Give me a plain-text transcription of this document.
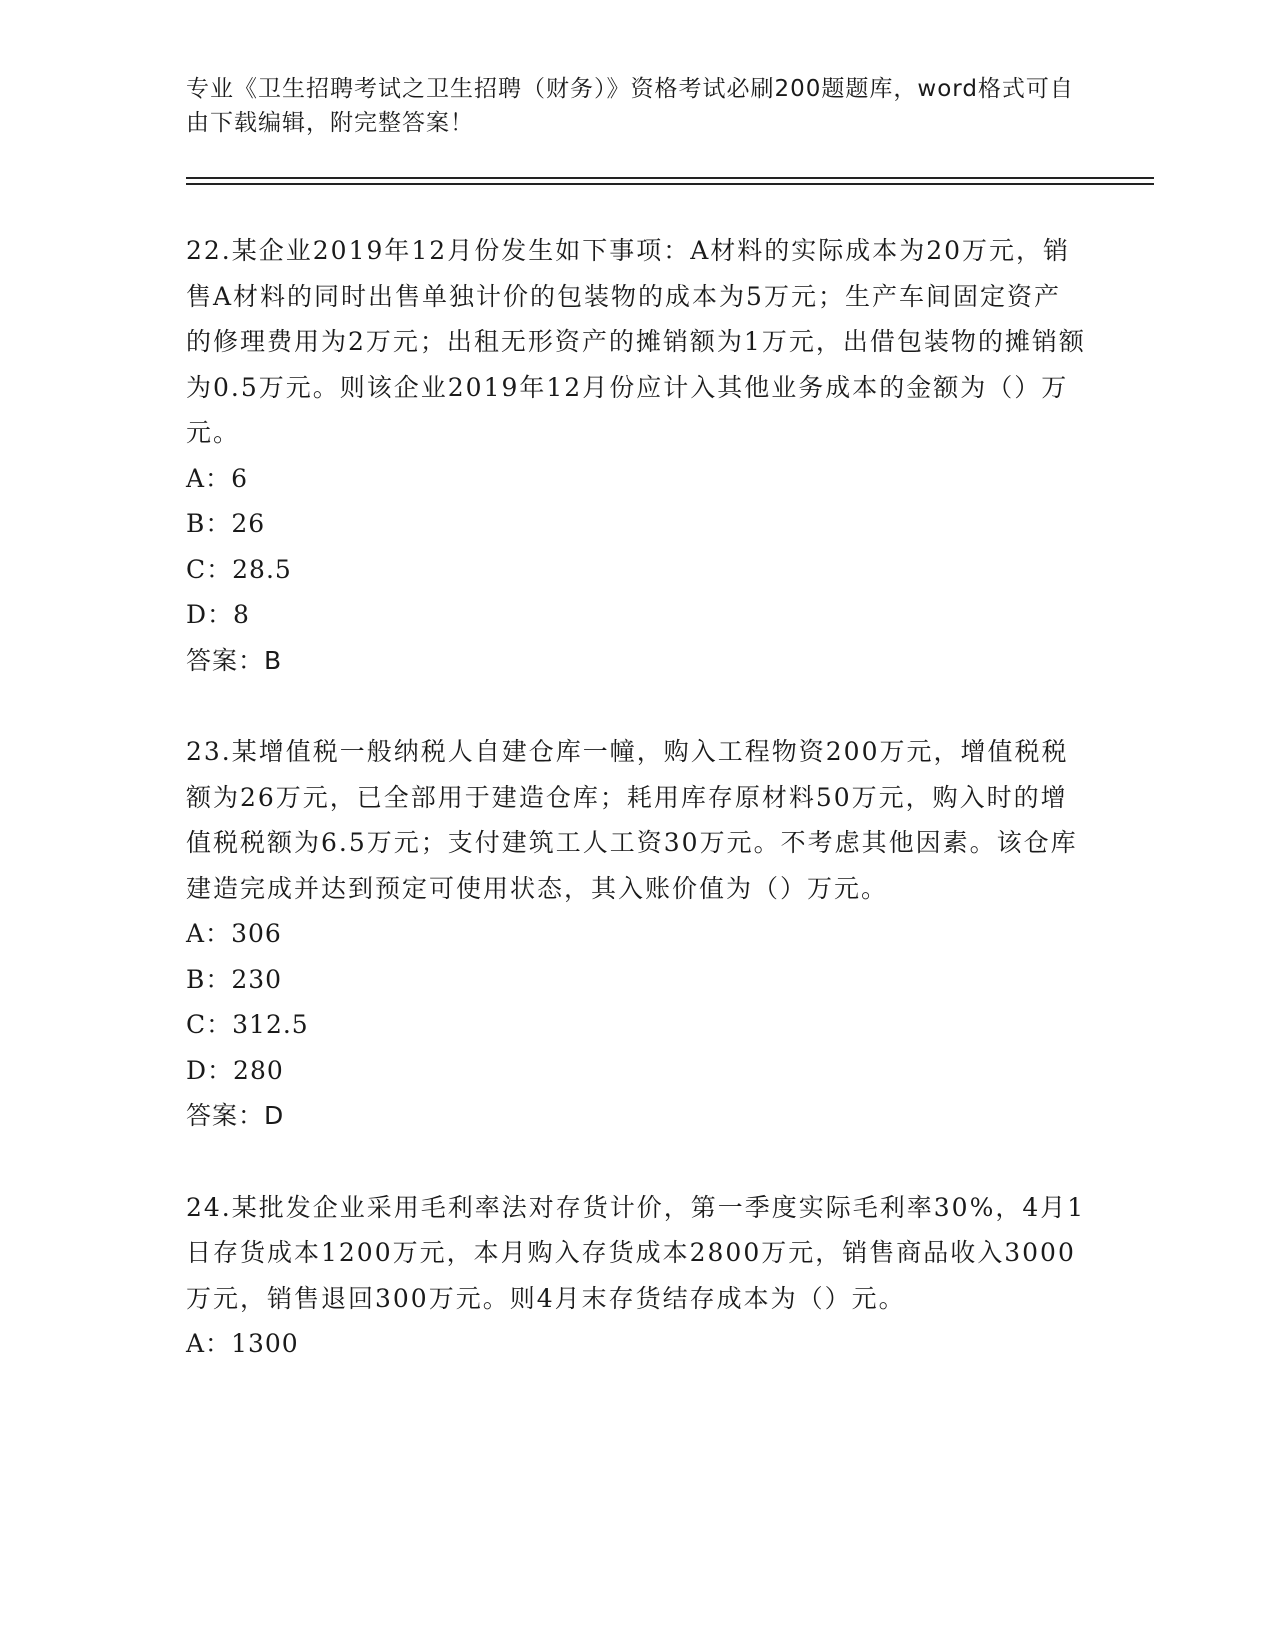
专业《卫生招聘考试之卫生招聘（财务）》资格考试必刷200题题库，word格式可自由下载编辑，附完整答案！

22.某企业2019年12月份发生如下事项：A材料的实际成本为20万元，销售A材料的同时出售单独计价的包装物的成本为5万元；生产车间固定资产的修理费用为2万元；出租无形资产的摊销额为1万元，出借包装物的摊销额为0.5万元。则该企业2019年12月份应计入其他业务成本的金额为（）万元。

A：6
B：26
C：28.5
D：8
答案：B

23.某增值税一般纳税人自建仓库一幢，购入工程物资200万元，增值税税额为26万元，已全部用于建造仓库；耗用库存原材料50万元，购入时的增值税税额为6.5万元；支付建筑工人工资30万元。不考虑其他因素。该仓库建造完成并达到预定可使用状态，其入账价值为（）万元。

A：306
B：230
C：312.5
D：280
答案：D

24.某批发企业采用毛利率法对存货计价，第一季度实际毛利率30%，4月1日存货成本1200万元，本月购入存货成本2800万元，销售商品收入3000万元，销售退回300万元。则4月末存货结存成本为（）元。

A：1300
